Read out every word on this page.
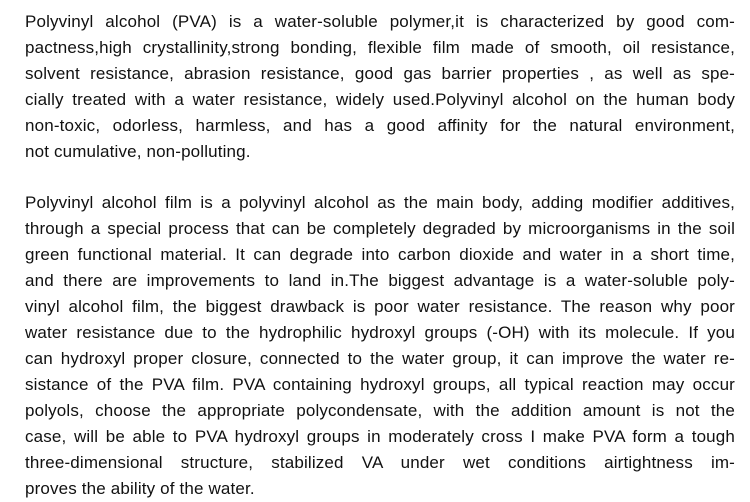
Polyvinyl alcohol (PVA) is a water-soluble polymer,it is characterized by good com-
pactness,high crystallinity,strong bonding, flexible film made of smooth, oil resistance,
solvent resistance, abrasion resistance, good gas barrier properties , as well as spe-
cially treated with a water resistance, widely used.Polyvinyl alcohol on the human body
non-toxic, odorless, harmless, and has a good affinity for the natural environment,
not cumulative, non-polluting.
Polyvinyl alcohol film is a polyvinyl alcohol as the main body, adding modifier additives,
through a special process that can be completely degraded by microorganisms in the soil
green functional material. It can degrade into carbon dioxide and water in a short time,
and there are improvements to land in.The biggest advantage is a water-soluble poly-
vinyl alcohol film, the biggest drawback is poor water resistance. The reason why poor
water resistance due to the hydrophilic hydroxyl groups (-OH) with its molecule. If you
can hydroxyl proper closure, connected to the water group, it can improve the water re-
sistance of the PVA film. PVA containing hydroxyl groups, all typical reaction may occur
polyols, choose the appropriate polycondensate, with the addition amount is not the
case, will be able to PVA hydroxyl groups in moderately cross I make PVA form a tough
three-dimensional structure, stabilized VA under wet conditions airtightness im-
proves the ability of the water.
